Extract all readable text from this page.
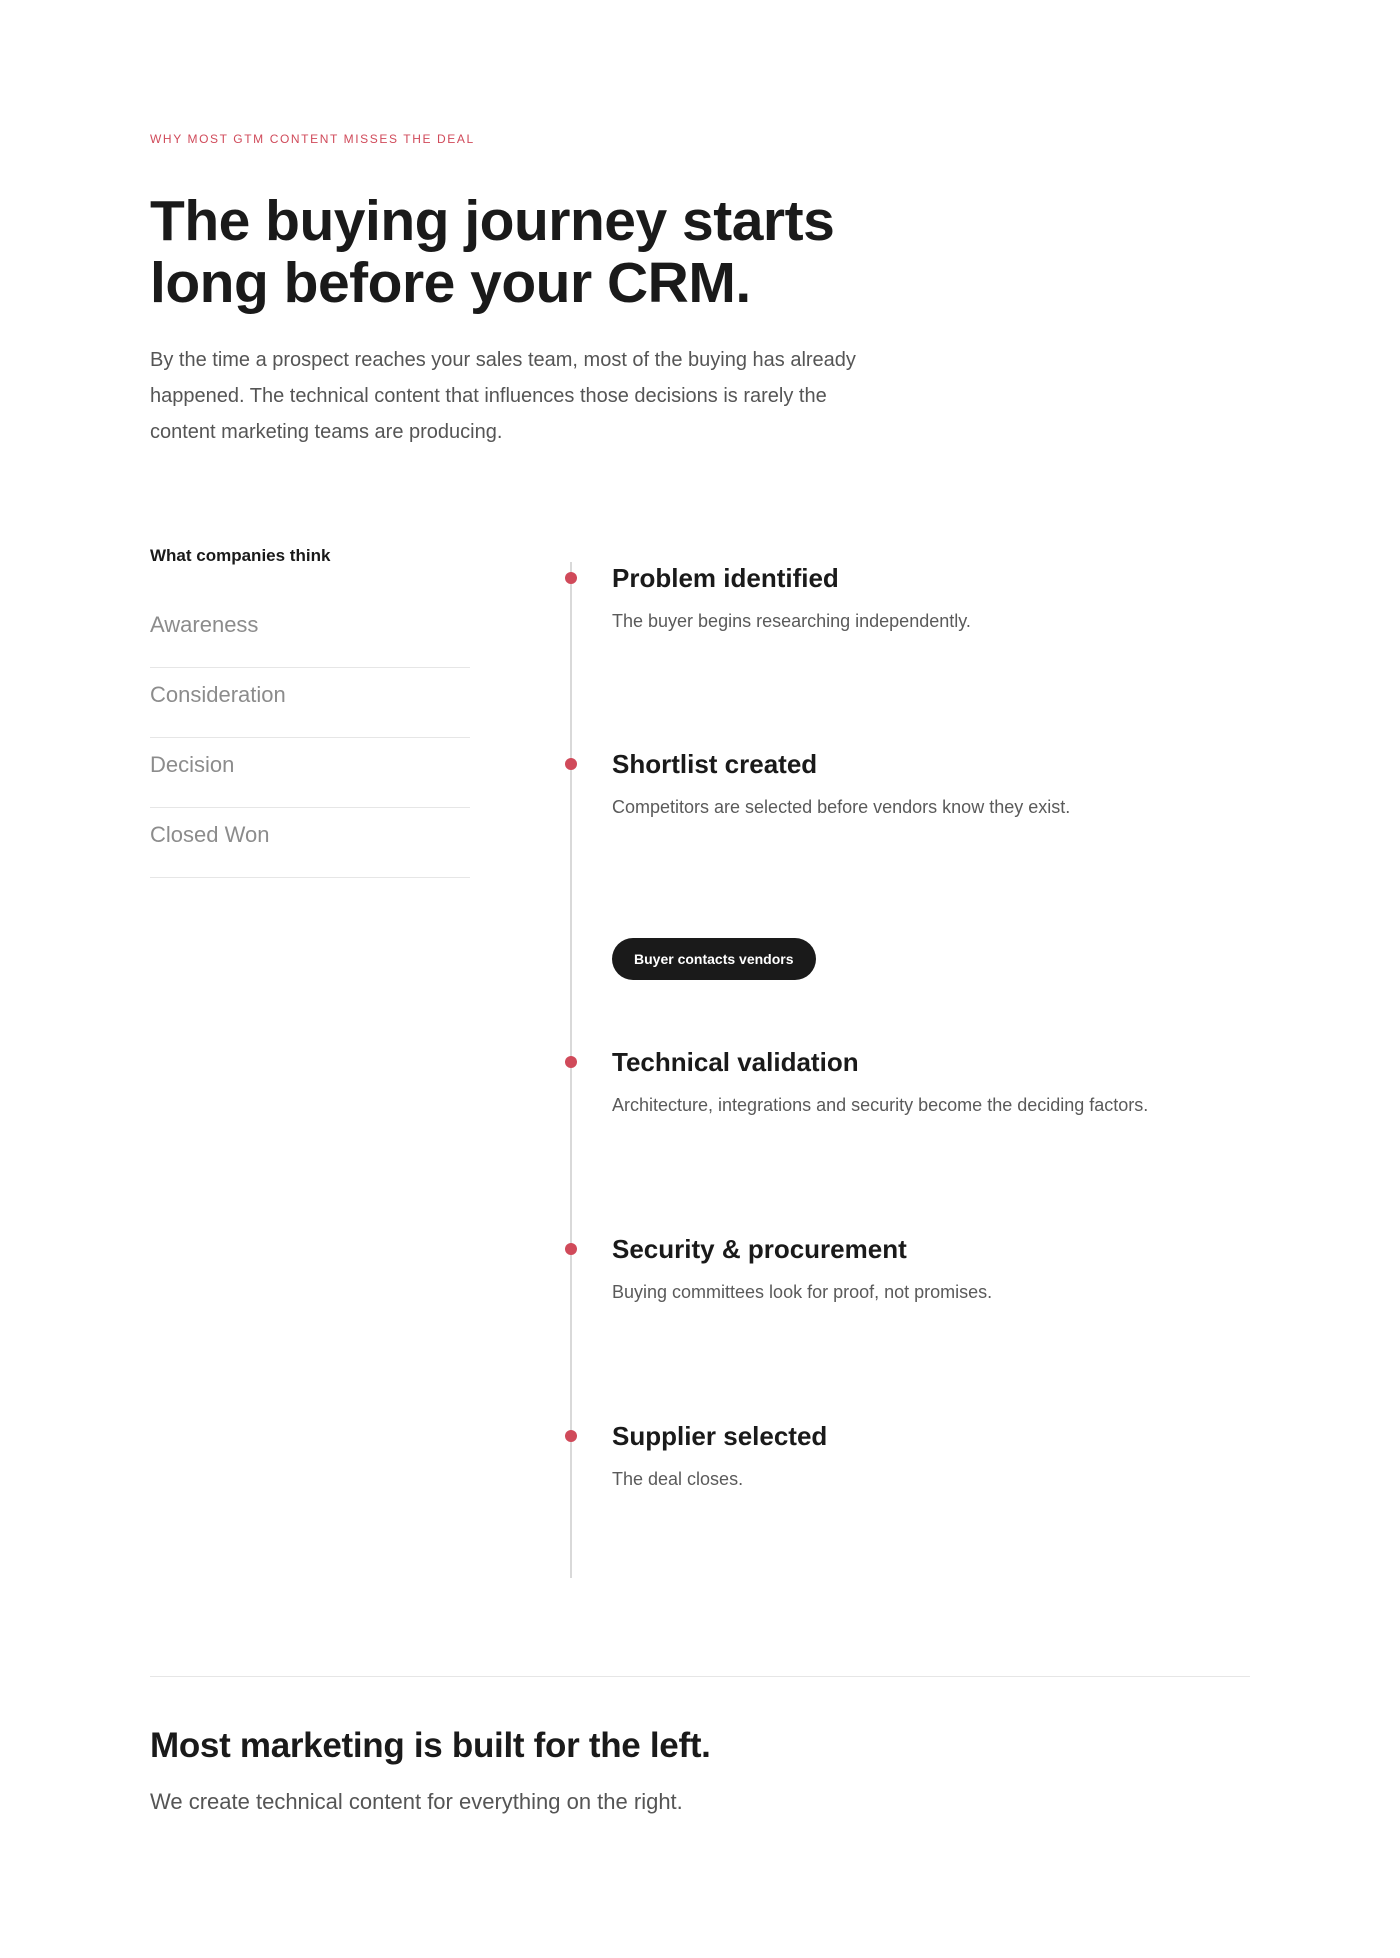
WHY MOST GTM CONTENT MISSES THE DEAL
The buying journey starts long before your CRM.

By the time a prospect reaches your sales team, most of the buying has already happened. The technical content that influences those decisions is rarely the content marketing teams are producing.

What companies think
Awareness
Consideration
Decision
Closed Won
Problem identified

The buyer begins researching independently.

Shortlist created

Competitors are selected before vendors know they exist.

Buyer contacts vendors
Technical validation

Architecture, integrations and security become the deciding factors.

Security & procurement

Buying committees look for proof, not promises.

Supplier selected

The deal closes.

Most marketing is built for the left.

We create technical content for everything on the right.
